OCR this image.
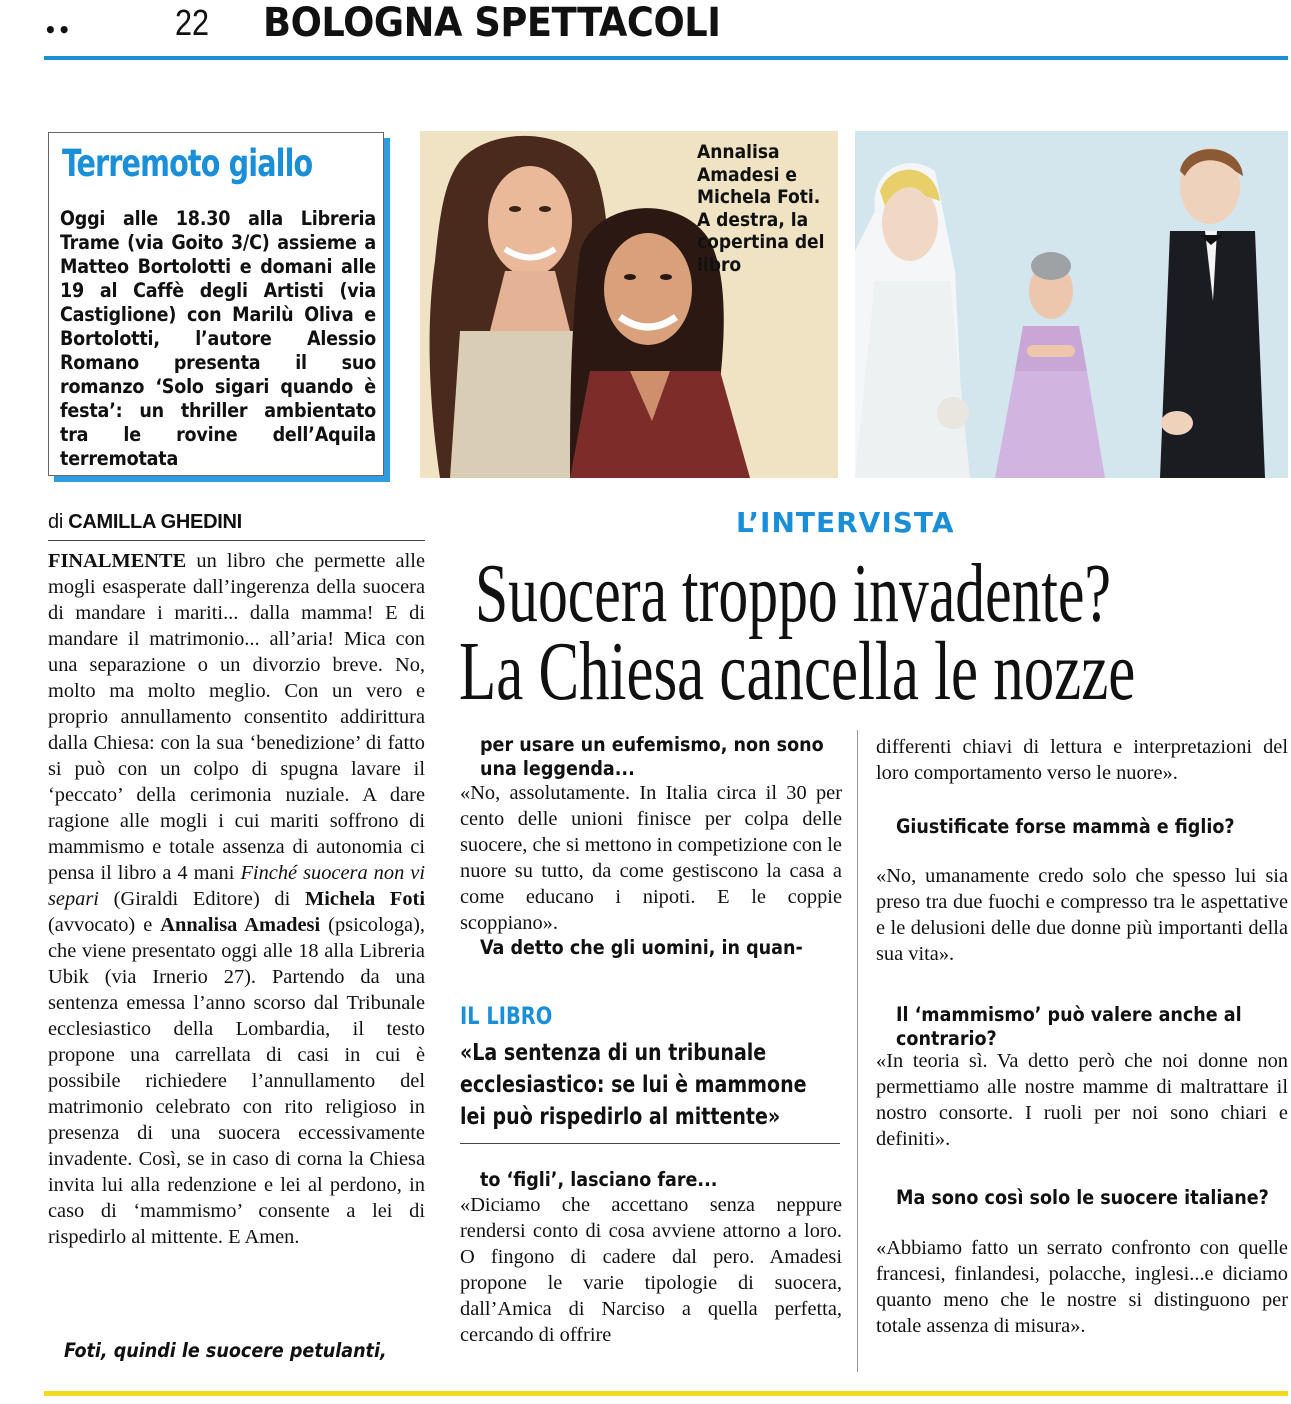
••	22 BOLOGNA SPETTACOLI
Terremoto giallo
Oggi alle 18.30 alla Libreria Trame (via Goito 3/C) assieme a Matteo Bortolotti e domani alle 19 al Caffè degli Artisti (via Castiglione) con Marilù Oliva e Bortolotti, l’autore Alessio Romano presenta il suo romanzo ‘Solo sigari quando è festa’: un thriller ambientato tra le rovine dell’Aquila terremotata
Annalisa Amadesi e Michela Foti. A destra, la copertina del libro
di CAMILLA GHEDINI	L’INTERVISTA
Suocera troppo invadente?
La Chiesa cancella le nozze
FINALMENTE un libro che permette alle mogli esasperate dall’ingerenza della suocera di mandare i mariti... dalla mamma! E di mandare il matrimonio... all’aria! Mica con una separazione o un divorzio breve. No, molto ma molto meglio. Con un vero e proprio annullamento consentito addirittura dalla Chiesa: con la sua ‘benedizione’ di fatto si può con un colpo di spugna lavare il ‘peccato’ della cerimonia nuziale. A dare ragione alle mogli i cui mariti soffrono di mammismo e totale assenza di autonomia ci pensa il libro a 4 mani Finché suocera non vi separi (Giraldi Editore) di Michela Foti (avvocato) e Annalisa Amadesi (psicologa), che viene presentato oggi alle 18 alla Libreria Ubik (via Irnerio 27). Partendo da una sentenza emessa l’anno scorso dal Tribunale ecclesiastico della Lombardia, il testo propone una carrellata di casi in cui è possibile richiedere l’annullamento del matrimonio celebrato con rito religioso in presenza di una suocera eccessivamente invadente. Così, se in caso di corna la Chiesa invita lui alla redenzione e lei al perdono, in caso di ‘mammismo’ consente a lei di rispedirlo al mittente. E Amen.
Foti, quindi le suocere petulanti,
per usare un eufemismo, non sono una leggenda...
«No, assolutamente. In Italia circa il 30 per cento delle unioni finisce per colpa delle suocere, che si mettono in competizione con le nuore su tutto, da come gestiscono la casa a come educano i nipoti. E le coppie scoppiano».
Va detto che gli uomini, in quan-
IL LIBRO
«La sentenza di un tribunale
ecclesiastico: se lui è mammone
lei può rispedirlo al mittente»
to ‘figli’, lasciano fare...
«Diciamo che accettano senza neppure rendersi conto di cosa avviene attorno a loro. O fingono di cadere dal pero. Amadesi propone le varie tipologie di suocera, dall’Amica di Narciso a quella perfetta, cercando di offrire
differenti chiavi di lettura e interpretazioni del loro comportamento verso le nuore».
Giustificate forse mammà e figlio?
«No, umanamente credo solo che spesso lui sia preso tra due fuochi e compresso tra le aspettative e le delusioni delle due donne più importanti della sua vita».
Il ‘mammismo’ può valere anche al contrario?
«In teoria sì. Va detto però che noi donne non permettiamo alle nostre mamme di maltrattare il nostro consorte. I ruoli per noi sono chiari e definiti».
Ma sono così solo le suocere italiane?
«Abbiamo fatto un serrato confronto con quelle francesi, finlandesi, polacche, inglesi...e diciamo quanto meno che le nostre si distinguono per totale assenza di misura».
